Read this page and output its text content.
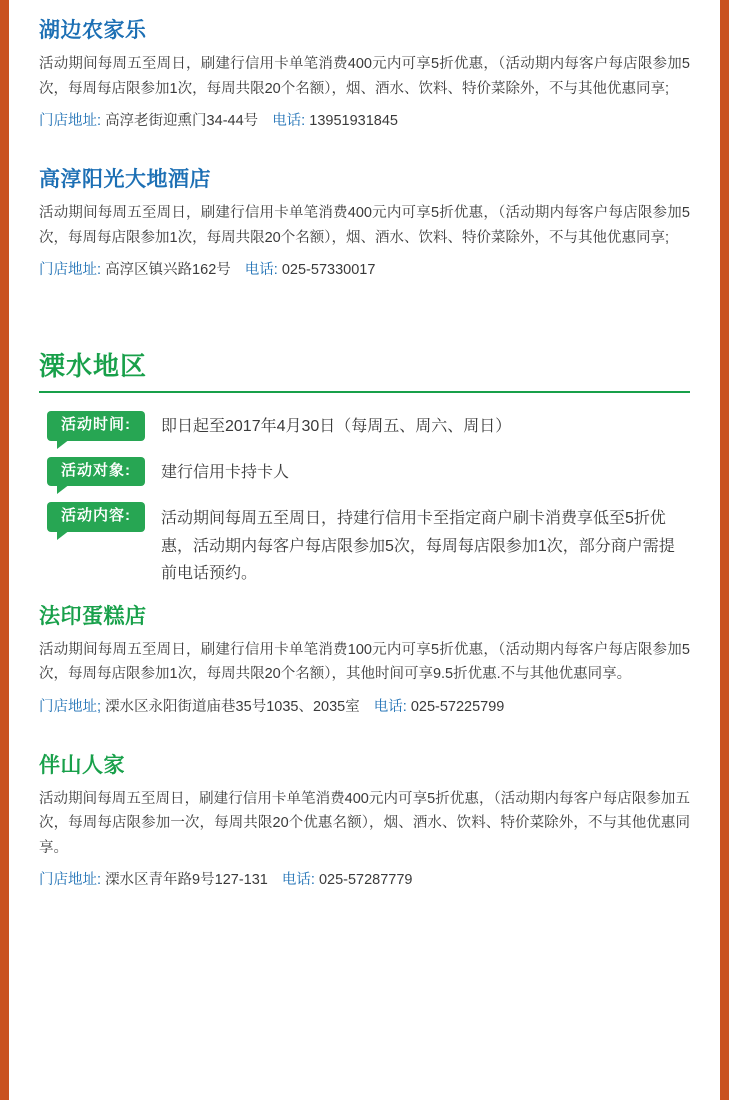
湖边农家乐
活动期间每周五至周日，刷建行信用卡单笔消费400元内可享5折优惠，（活动期内每客户每店限参加5次，每周每店限参加1次，每周共限20个名额），烟、酒水、饮料、特价菜除外，不与其他优惠同享;
门店地址: 高淳老街迎熏门34-44号 电话: 13951931845
高淳阳光大地酒店
活动期间每周五至周日，刷建行信用卡单笔消费400元内可享5折优惠，（活动期内每客户每店限参加5次，每周每店限参加1次，每周共限20个名额），烟、酒水、饮料、特价菜除外，不与其他优惠同享;
门店地址: 高淳区镇兴路162号 电话: 025-57330017
溧水地区
活动时间:	即日起至2017年4月30日（每周五、周六、周日）
活动对象:	建行信用卡持卡人
活动内容:	活动期间每周五至周日，持建行信用卡至指定商户刷卡消费享低至5折优惠，活动期内每客户每店限参加5次，每周每店限参加1次，部分商户需提前电话预约。
法印蛋糕店
活动期间每周五至周日，刷建行信用卡单笔消费100元内可享5折优惠，（活动期内每客户每店限参加5次，每周每店限参加1次，每周共限20个名额），其他时间可享9.5折优惠.不与其他优惠同享。
门店地址; 溧水区永阳街道庙巷35号1035、2035室 电话: 025-57225799
伴山人家
活动期间每周五至周日，刷建行信用卡单笔消费400元内可享5折优惠，（活动期内每客户每店限参加五次，每周每店限参加一次，每周共限20个优惠名额），烟、酒水、饮料、特价菜除外，不与其他优惠同享。
门店地址: 溧水区青年路9号127-131 电话: 025-57287779
